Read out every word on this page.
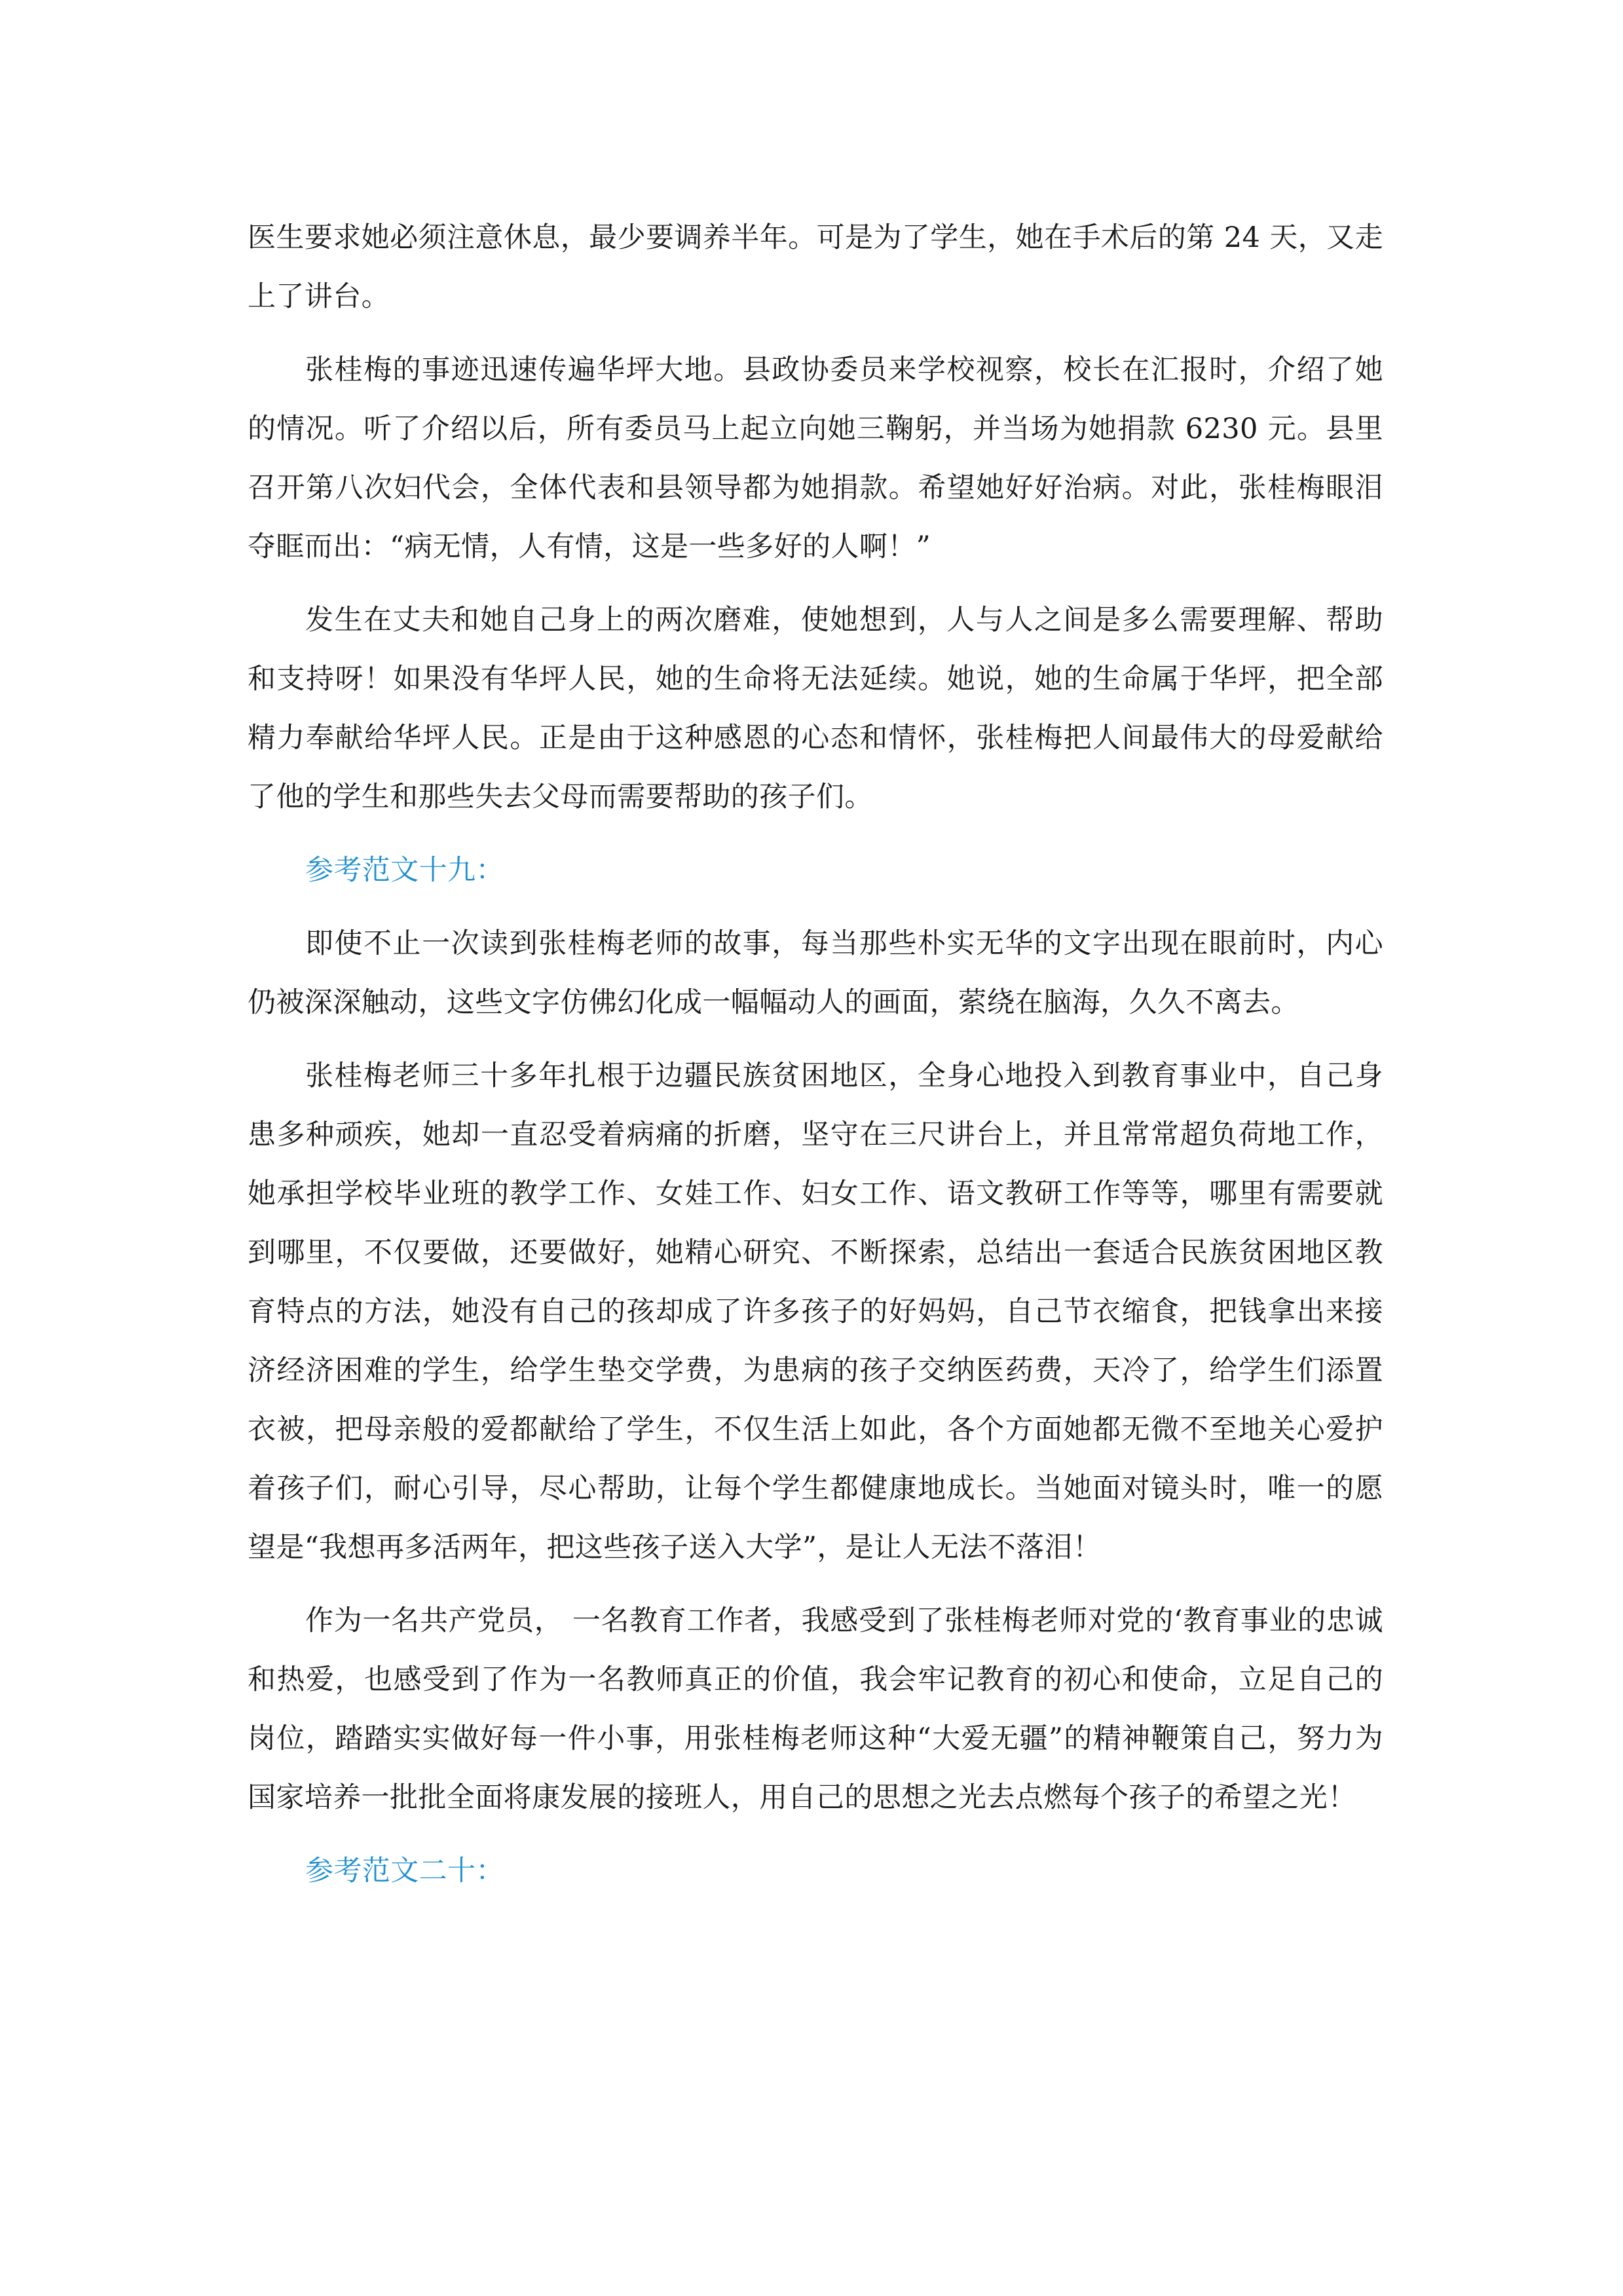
医生要求她必须注意休息，最少要调养半年。可是为了学生，她在手术后的第 24 天，又走上了讲台。

张桂梅的事迹迅速传遍华坪大地。县政协委员来学校视察，校长在汇报时，介绍了她的情况。听了介绍以后，所有委员马上起立向她三鞠躬，并当场为她捐款 6230 元。县里召开第八次妇代会，全体代表和县领导都为她捐款。希望她好好治病。对此，张桂梅眼泪夺眶而出：“病无情，人有情，这是一些多好的人啊！”

发生在丈夫和她自己身上的两次磨难，使她想到，人与人之间是多么需要理解、帮助和支持呀！如果没有华坪人民，她的生命将无法延续。她说，她的生命属于华坪，把全部精力奉献给华坪人民。正是由于这种感恩的心态和情怀，张桂梅把人间最伟大的母爱献给了他的学生和那些失去父母而需要帮助的孩子们。

参考范文十九：

即使不止一次读到张桂梅老师的故事，每当那些朴实无华的文字出现在眼前时，内心仍被深深触动，这些文字仿佛幻化成一幅幅动人的画面，萦绕在脑海，久久不离去。

张桂梅老师三十多年扎根于边疆民族贫困地区，全身心地投入到教育事业中，自己身患多种顽疾，她却一直忍受着病痛的折磨，坚守在三尺讲台上，并且常常超负荷地工作，她承担学校毕业班的教学工作、女娃工作、妇女工作、语文教研工作等等，哪里有需要就到哪里，不仅要做，还要做好，她精心研究、不断探索，总结出一套适合民族贫困地区教育特点的方法，她没有自己的孩却成了许多孩子的好妈妈，自己节衣缩食，把钱拿出来接济经济困难的学生，给学生垫交学费，为患病的孩子交纳医药费，天冷了，给学生们添置衣被，把母亲般的爱都献给了学生，不仅生活上如此，各个方面她都无微不至地关心爱护着孩子们，耐心引导，尽心帮助，让每个学生都健康地成长。当她面对镜头时，唯一的愿望是“我想再多活两年，把这些孩子送入大学”，是让人无法不落泪！

作为一名共产党员， 一名教育工作者，我感受到了张桂梅老师对党的‘教育事业的忠诚和热爱，也感受到了作为一名教师真正的价值，我会牢记教育的初心和使命，立足自己的岗位，踏踏实实做好每一件小事，用张桂梅老师这种“大爱无疆”的精神鞭策自己，努力为国家培养一批批全面将康发展的接班人，用自己的思想之光去点燃每个孩子的希望之光！

参考范文二十：
